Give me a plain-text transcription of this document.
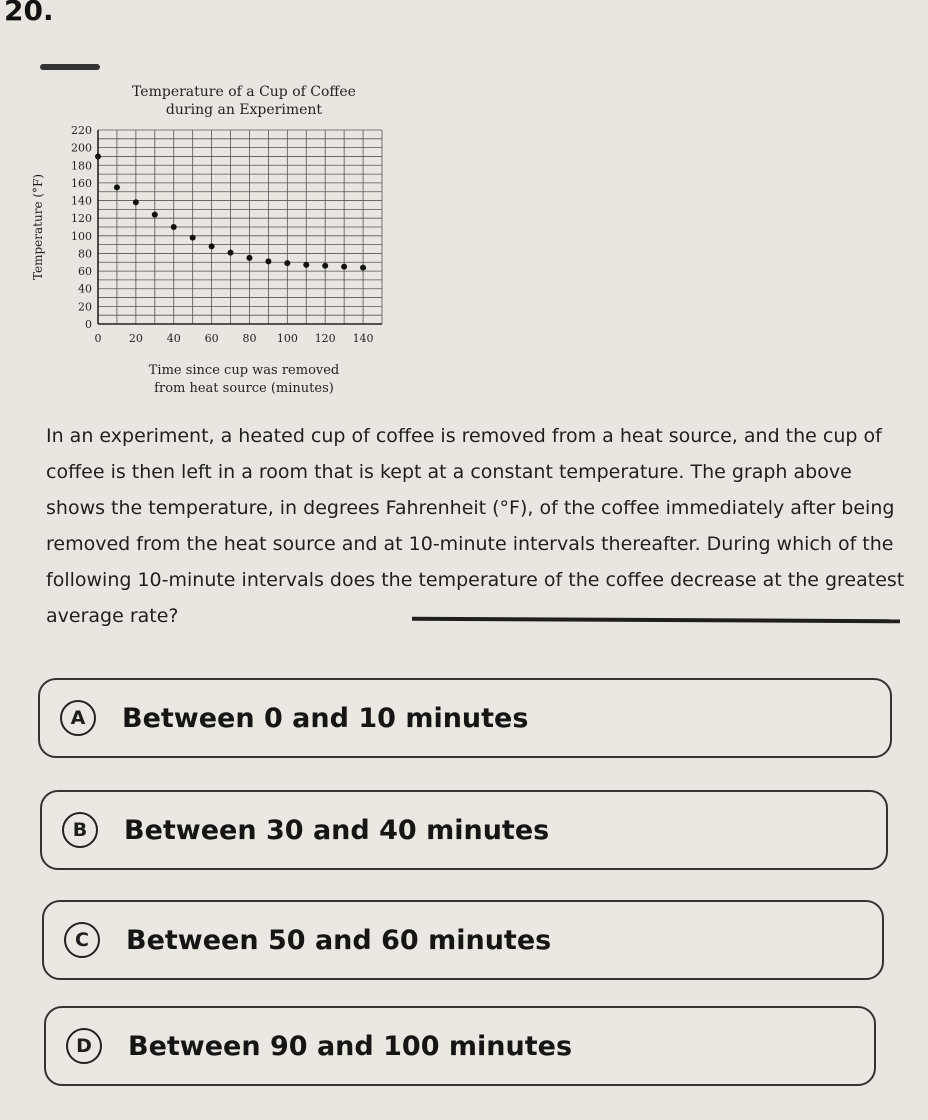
20.
Temperature of a Cup of Coffee
during an Experiment
0
20
40
60
80
100
120
140
160
180
200
220
0 20 40 60 80 100 120 140
Temperature (°F)
Time since cup was removed
from heat source (minutes)
In an experiment, a heated cup of coffee is removed from a heat source, and the cup of coffee is then left in a room that is kept at a constant temperature. The graph above shows the temperature, in degrees Fahrenheit (°F), of the coffee immediately after being removed from the heat source and at 10-minute intervals thereafter. During which of the following 10-minute intervals does the temperature of the coffee decrease at the greatest average rate?
A	Between 0 and 10 minutes
B	Between 30 and 40 minutes
C	Between 50 and 60 minutes
D	Between 90 and 100 minutes
